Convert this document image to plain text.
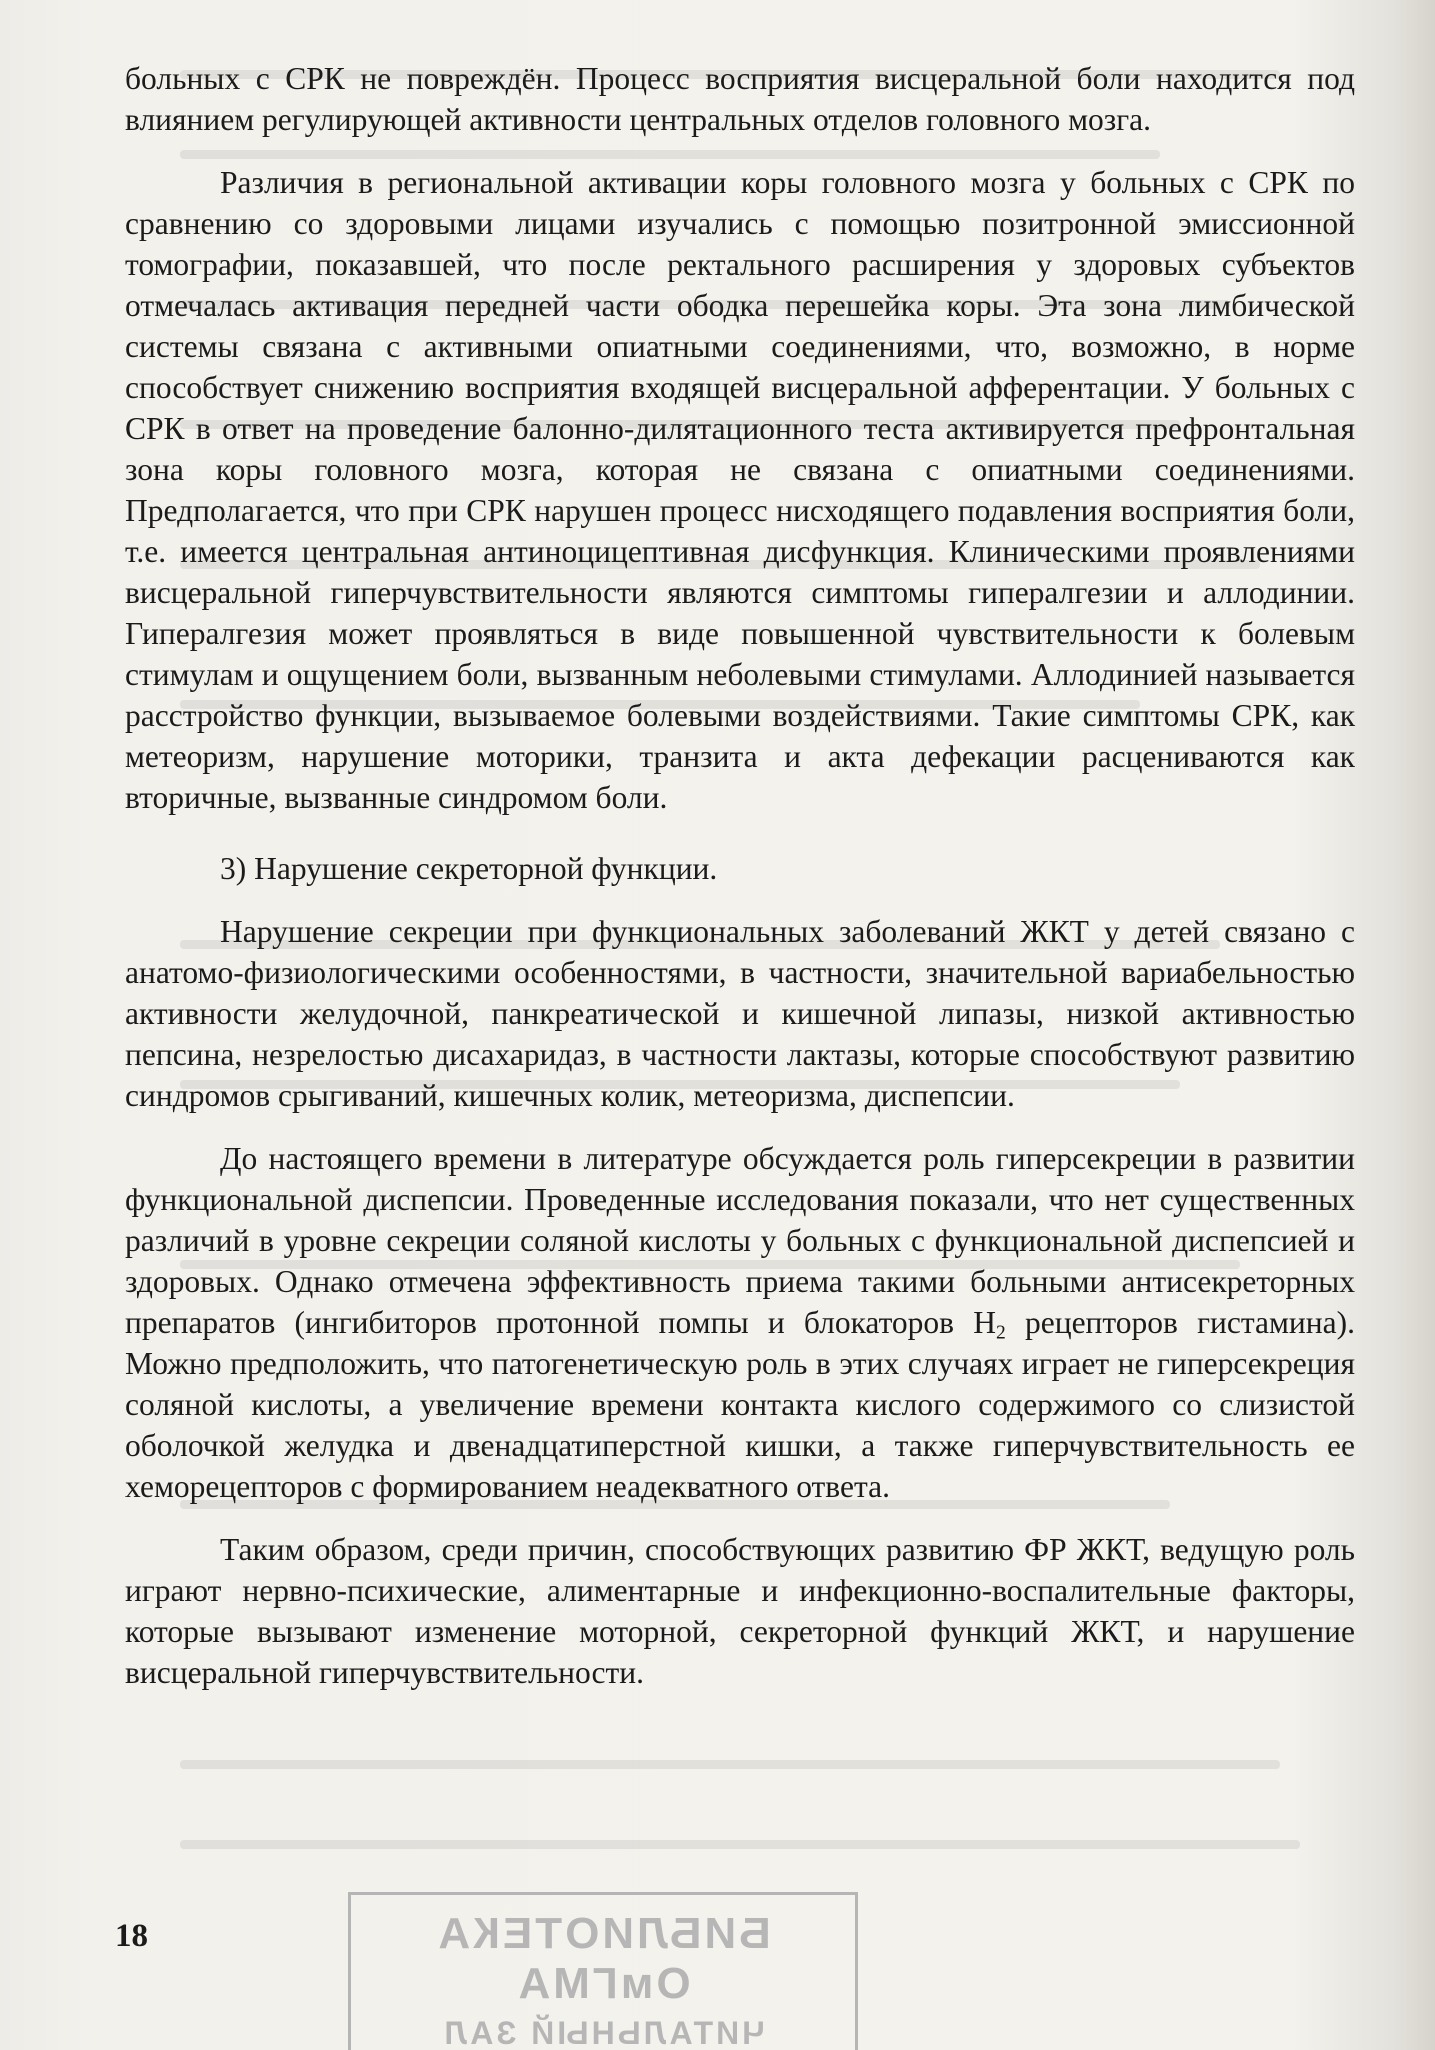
больных с СРК не повреждён. Процесс восприятия висцеральной боли находится под влиянием регулирующей активности центральных отделов головного мозга.

Различия в региональной активации коры головного мозга у больных с СРК по сравнению со здоровыми лицами изучались с помощью позитронной эмиссионной томографии, показавшей, что после ректального расширения у здоровых субъектов отмечалась активация передней части ободка перешейка коры. Эта зона лимбической системы связана с активными опиатными соединениями, что, возможно, в норме способствует снижению восприятия входящей висцеральной афферентации. У больных с СРК в ответ на проведение балонно-дилятационного теста активируется префронтальная зона коры головного мозга, которая не связана с опиатными соединениями. Предполагается, что при СРК нарушен процесс нисходящего подавления восприятия боли, т.е. имеется центральная антиноцицептивная дисфункция. Клиническими проявлениями висцеральной гиперчувствительности являются симптомы гипералгезии и аллодинии. Гипералгезия может проявляться в виде повышенной чувствительности к болевым стимулам и ощущением боли, вызванным неболевыми стимулами. Аллодинией называется расстройство функции, вызываемое болевыми воздействиями. Такие симптомы СРК, как метеоризм, нарушение моторики, транзита и акта дефекации расцениваются как вторичные, вызванные синдромом боли.

3) Нарушение секреторной функции.

Нарушение секреции при функциональных заболеваний ЖКТ у детей связано с анатомо-физиологическими особенностями, в частности, значительной вариабельностью активности желудочной, панкреатической и кишечной липазы, низкой активностью пепсина, незрелостью дисахаридаз, в частности лактазы, которые способствуют развитию синдромов срыгиваний, кишечных колик, метеоризма, диспепсии.

До настоящего времени в литературе обсуждается роль гиперсекреции в развитии функциональной диспепсии. Проведенные исследования показали, что нет существенных различий в уровне секреции соляной кислоты у больных с функциональной диспепсией и здоровых. Однако отмечена эффективность приема такими больными антисекреторных препаратов (ингибиторов протонной помпы и блокаторов $Н_2$ рецепторов гистамина). Можно предположить, что патогенетическую роль в этих случаях играет не гиперсекреция соляной кислоты, а увеличение времени контакта кислого содержимого со слизистой оболочкой желудка и двенадцатиперстной кишки, а также гиперчувствительность ее хеморецепторов с формированием неадекватного ответа.

Таким образом, среди причин, способствующих развитию ФР ЖКТ, ведущую роль играют нервно-психические, алиментарные и инфекционно-воспалительные факторы, которые вызывают изменение моторной, секреторной функций ЖКТ, и нарушение висцеральной гиперчувствительности.

18	БИБЛИОТЕКА ОмГМА
ЧИТАЛЬНЫЙ ЗАЛ
